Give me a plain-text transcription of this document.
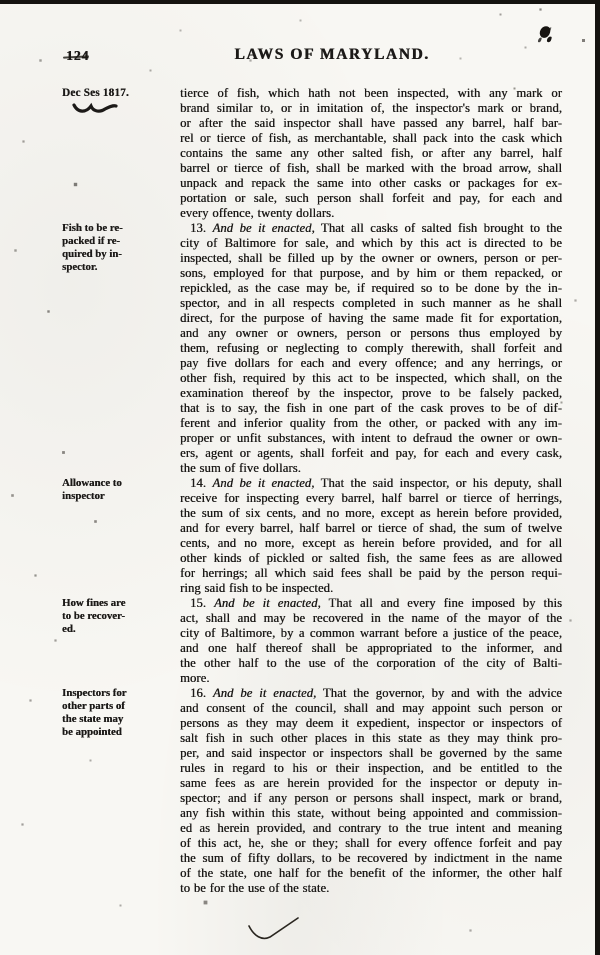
LAWS OF MARYLAND.
Dec Ses 1817.	tierce of fish, which hath not been inspected, with any mark or
brand similar to, or in imitation of, the inspector's mark or brand,
or after the said inspector shall have passed any barrel, half bar-
rel or tierce of fish, as merchantable, shall pack into the cask which
contains the same any other salted fish, or after any barrel, half
barrel or tierce of fish, shall be marked with the broad arrow, shall
unpack and repack the same into other casks or packages for ex-
portation or sale, such person shall forfeit and pay, for each and
every offence, twenty dollars.
Fish to be re-
packed if re-
quired by in-
spector.
13. And be it enacted, That all casks of salted fish brought to the
city of Baltimore for sale, and which by this act is directed to be
inspected, shall be filled up by the owner or owners, person or per-
sons, employed for that purpose, and by him or them repacked, or
repickled, as the case may be, if required so to be done by the in-
spector, and in all respects completed in such manner as he shall
direct, for the purpose of having the same made fit for exportation,
and any owner or owners, person or persons thus employed by
them, refusing or neglecting to comply therewith, shall forfeit and
pay five dollars for each and every offence; and any herrings, or
other fish, required by this act to be inspected, which shall, on the
examination thereof by the inspector, prove to be falsely packed,
that is to say, the fish in one part of the cask proves to be of dif-
ferent and inferior quality from the other, or packed with any im-
proper or unfit substances, with intent to defraud the owner or own-
ers, agent or agents, shall forfeit and pay, for each and every cask,
the sum of five dollars.
Allowance to
inspector
14. And be it enacted, That the said inspector, or his deputy, shall
receive for inspecting every barrel, half barrel or tierce of herrings,
the sum of six cents, and no more, except as herein before provided,
and for every barrel, half barrel or tierce of shad, the sum of twelve
cents, and no more, except as herein before provided, and for all
other kinds of pickled or salted fish, the same fees as are allowed
for herrings; all which said fees shall be paid by the person requi-
ring said fish to be inspected.
How fines are
to be recover-
ed.
15. And be it enacted, That all and every fine imposed by this
act, shall and may be recovered in the name of the mayor of the
city of Baltimore, by a common warrant before a justice of the peace,
and one half thereof shall be appropriated to the informer, and
the other half to the use of the corporation of the city of Balti-
more.
Inspectors for
other parts of
the state may
be appointed
16. And be it enacted, That the governor, by and with the advice
and consent of the council, shall and may appoint such person or
persons as they may deem it expedient, inspector or inspectors of
salt fish in such other places in this state as they may think pro-
per, and said inspector or inspectors shall be governed by the same
rules in regard to his or their inspection, and be entitled to the
same fees as are herein provided for the inspector or deputy in-
spector; and if any person or persons shall inspect, mark or brand,
any fish within this state, without being appointed and commission-
ed as herein provided, and contrary to the true intent and meaning
of this act, he, she or they; shall for every offence forfeit and pay
the sum of fifty dollars, to be recovered by indictment in the name
of the state, one half for the benefit of the informer, the other half
to be for the use of the state.
